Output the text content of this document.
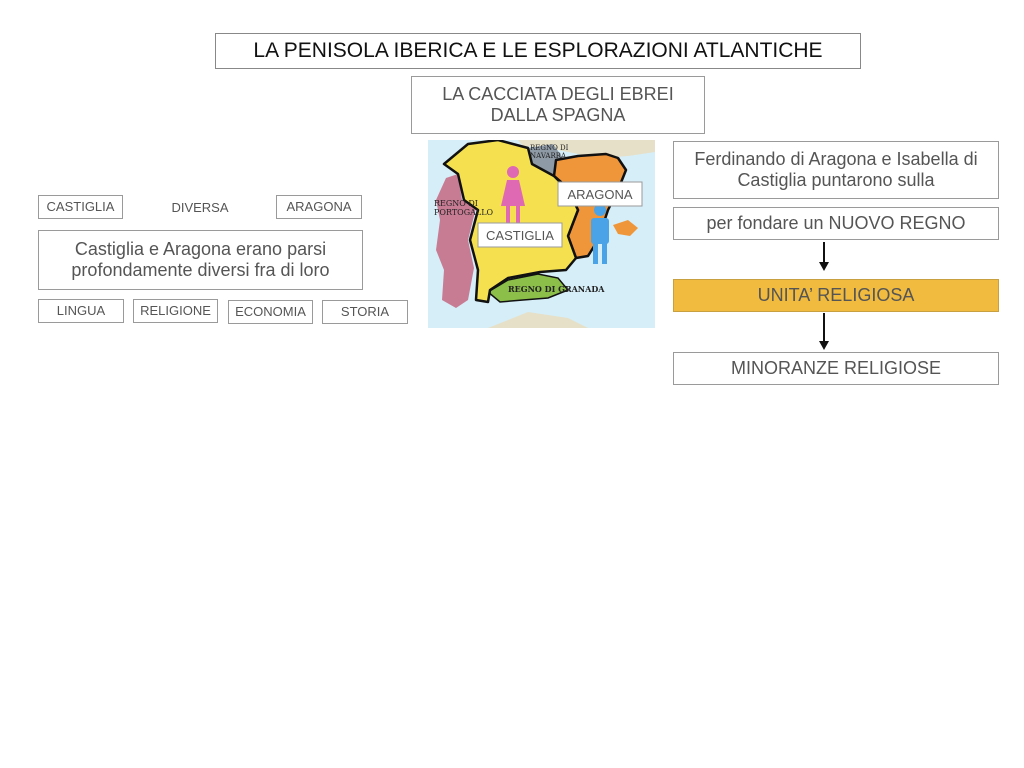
LA PENISOLA IBERICA E LE ESPLORAZIONI ATLANTICHE
LA CACCIATA DEGLI EBREI
DALLA SPAGNA
CASTIGLIA	DIVERSA	ARAGONA
Castiglia e Aragona erano parsi profondamente diversi fra di loro
LINGUA	RELIGIONE	ECONOMIA	STORIA
REGNO DI PORTOGALLO
REGNO DI NAVARRA
REGNO DI GRANADA
CASTIGLIA
ARAGONA
Ferdinando di Aragona e Isabella di Castiglia puntarono sulla
per fondare un NUOVO REGNO
UNITA’ RELIGIOSA
MINORANZE RELIGIOSE
